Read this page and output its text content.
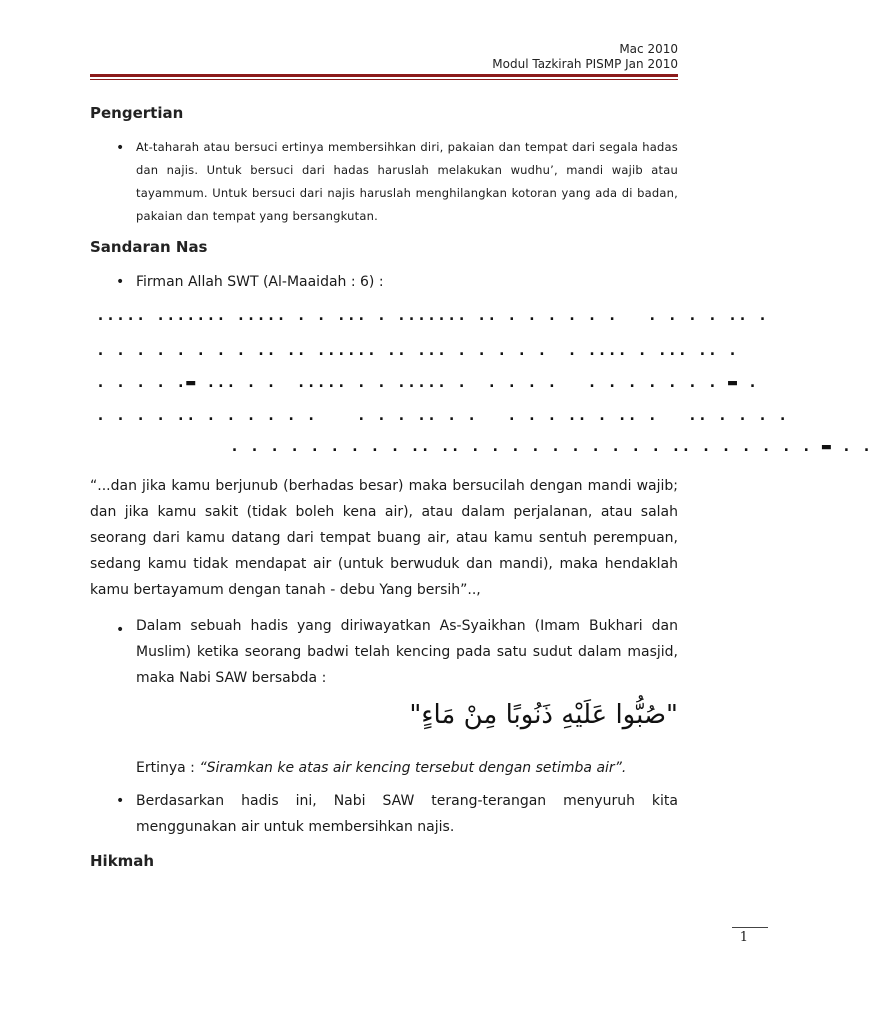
Mac 2010
Modul Tazkirah PISMP Jan 2010
Pengertian
• At-taharah atau bersuci ertinya membersihkan diri, pakaian dan tempat dari segala hadas dan najis. Untuk bersuci dari hadas haruslah melakukan wudhu’, mandi wajib atau tayammum. Untuk bersuci dari najis haruslah menghilangkan kotoran yang ada di badan, pakaian dan tempat yang bersangkutan.
Sandaran Nas
• Firman Allah SWT (Al-Maaidah : 6) :
..... ....... ..... . . ... . ....... .. . . . . . .   . . . . .. .
. . . . . . . . .. .. ...... .. ... . . . . .  . .... . ... .. .
. . . . .▬ ... . .  ..... . . ..... .  . . . .   . . . . . . . ▬ .
. . . . .. . . . . . .    . . . .. . .   . . . .. . .. .   .. . . . .
. . . . . . . . . .. .. . . . . . . . . . . .. . . . . . . ▬ . .
“...dan jika kamu berjunub (berhadas besar) maka bersucilah dengan mandi wajib; dan jika kamu sakit (tidak boleh kena air), atau dalam perjalanan, atau salah seorang dari kamu datang dari tempat buang air, atau kamu sentuh perempuan, sedang kamu tidak mendapat air (untuk berwuduk dan mandi), maka hendaklah kamu bertayamum dengan tanah - debu Yang bersih”..,
• Dalam sebuah hadis yang diriwayatkan As-Syaikhan (Imam Bukhari dan Muslim) ketika seorang badwi telah kencing pada satu sudut dalam masjid, maka Nabi SAW bersabda :
"صُبُّوا عَلَيْهِ ذَنُوبًا مِنْ مَاءٍ"
Ertinya : “Siramkan ke atas air kencing tersebut dengan setimba air”.
• Berdasarkan hadis ini, Nabi SAW terang-terangan menyuruh kita menggunakan air untuk membersihkan najis.
Hikmah
1
